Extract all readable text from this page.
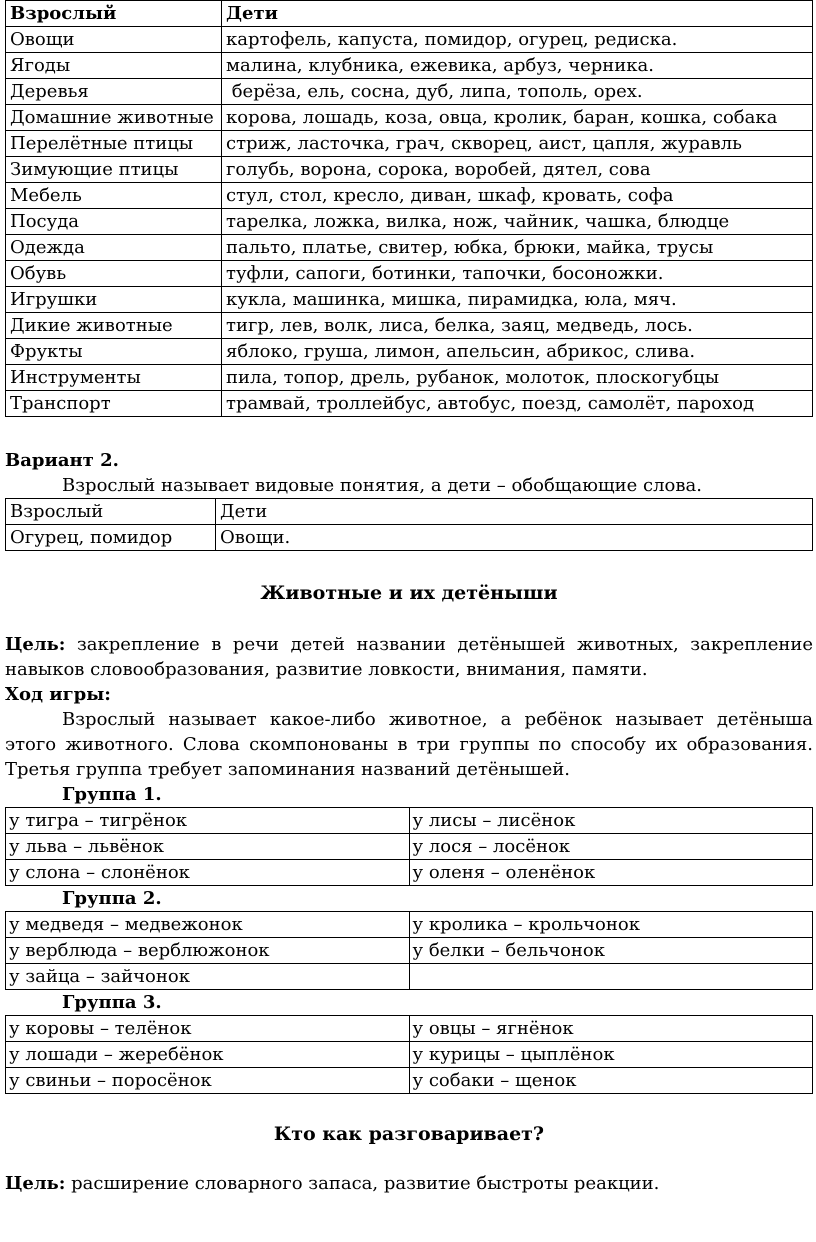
Взрослый	Дети
Овощи	картофель, капуста, помидор, огурец, редиска.
Ягоды	малина, клубника, ежевика, арбуз, черника.
Деревья	берёза, ель, сосна, дуб, липа, тополь, орех.
Домашние животные	корова, лошадь, коза, овца, кролик, баран, кошка, собака
Перелётные птицы	стриж, ласточка, грач, скворец, аист, цапля, журавль
Зимующие птицы	голубь, ворона, сорока, воробей, дятел, сова
Мебель	стул, стол, кресло, диван, шкаф, кровать, софа
Посуда	тарелка, ложка, вилка, нож, чайник, чашка, блюдце
Одежда	пальто, платье, свитер, юбка, брюки, майка, трусы
Обувь	туфли, сапоги, ботинки, тапочки, босоножки.
Игрушки	кукла, машинка, мишка, пирамидка, юла, мяч.
Дикие животные	тигр, лев, волк, лиса, белка, заяц, медведь, лось.
Фрукты	яблоко, груша, лимон, апельсин, абрикос, слива.
Инструменты	пила, топор, дрель, рубанок, молоток, плоскогубцы
Транспорт	трамвай, троллейбус, автобус, поезд, самолёт, пароход

Вариант 2.

Взрослый называет видовые понятия, а дети – обобщающие слова.

Взрослый	Дети
Огурец, помидор	Овощи.

Животные и их детёныши

Цель: закрепление в речи детей названии детёнышей животных, закрепление навыков словообразования, развитие ловкости, внимания, памяти.

Ход игры:

Взрослый называет какое-либо животное, а ребёнок называет детёныша этого животного. Слова скомпонованы в три группы по способу их образования. Третья группа требует запоминания названий детёнышей.

Группа 1.

у тигра – тигрёнок	у лисы – лисёнок
у льва – львёнок	у лося – лосёнок
у слона – слонёнок	у оленя – оленёнок

Группа 2.

у медведя – медвежонок	у кролика – крольчонок
у верблюда – верблюжонок	у белки – бельчонок
у зайца – зайчонок	

Группа 3.

у коровы – телёнок	у овцы – ягнёнок
у лошади – жеребёнок	у курицы – цыплёнок
у свиньи – поросёнок	у собаки – щенок

Кто как разговаривает?

Цель: расширение словарного запаса, развитие быстроты реакции.
